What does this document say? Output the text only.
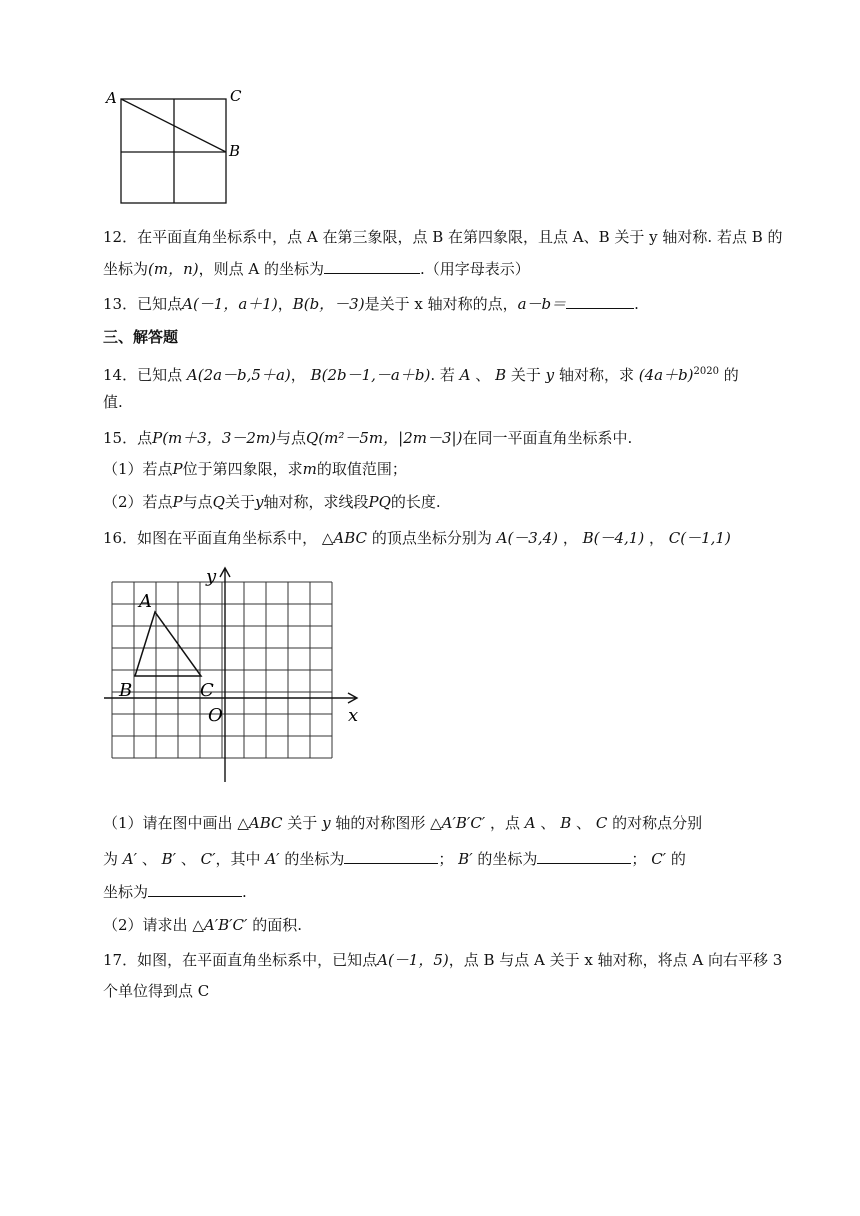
A	C
B
12．在平面直角坐标系中，点 A 在第三象限，点 B 在第四象限，且点 A、B 关于 y 轴对称. 若点 B 的
坐标为(m，n)，则点 A 的坐标为	.（用字母表示）
13．已知点A(－1，a＋1)，B(b，－3)是关于 x 轴对称的点，a－b＝	.
三、解答题
14．已知点 A(2a－b,5＋a)， B(2b－1,－a＋b). 若 A 、 B 关于 y 轴对称，求 $(4a+b)^{2020}$ 的
值.
15．点P(m＋3，3－2m)与点Q(m²－5m，|2m－3|)在同一平面直角坐标系中.
（1）若点P位于第四象限，求m的取值范围；
（2）若点P与点Q关于y轴对称，求线段PQ的长度.
16．如图在平面直角坐标系中， △ABC 的顶点坐标分别为 A(－3,4) ， B(－4,1) ， C(－1,1)
y
x
O
A
B	C
（1）请在图中画出 △ABC 关于 y 轴的对称图形 △A′B′C′ ，点 A 、 B 、 C 的对称点分别
为 A′ 、 B′ 、 C′，其中 A′ 的坐标为	； B′ 的坐标为	； C′ 的
坐标为	.
（2）请求出 △A′B′C′ 的面积.
17．如图，在平面直角坐标系中，已知点A(－1，5)，点 B 与点 A 关于 x 轴对称，将点 A 向右平移 3
个单位得到点 C
